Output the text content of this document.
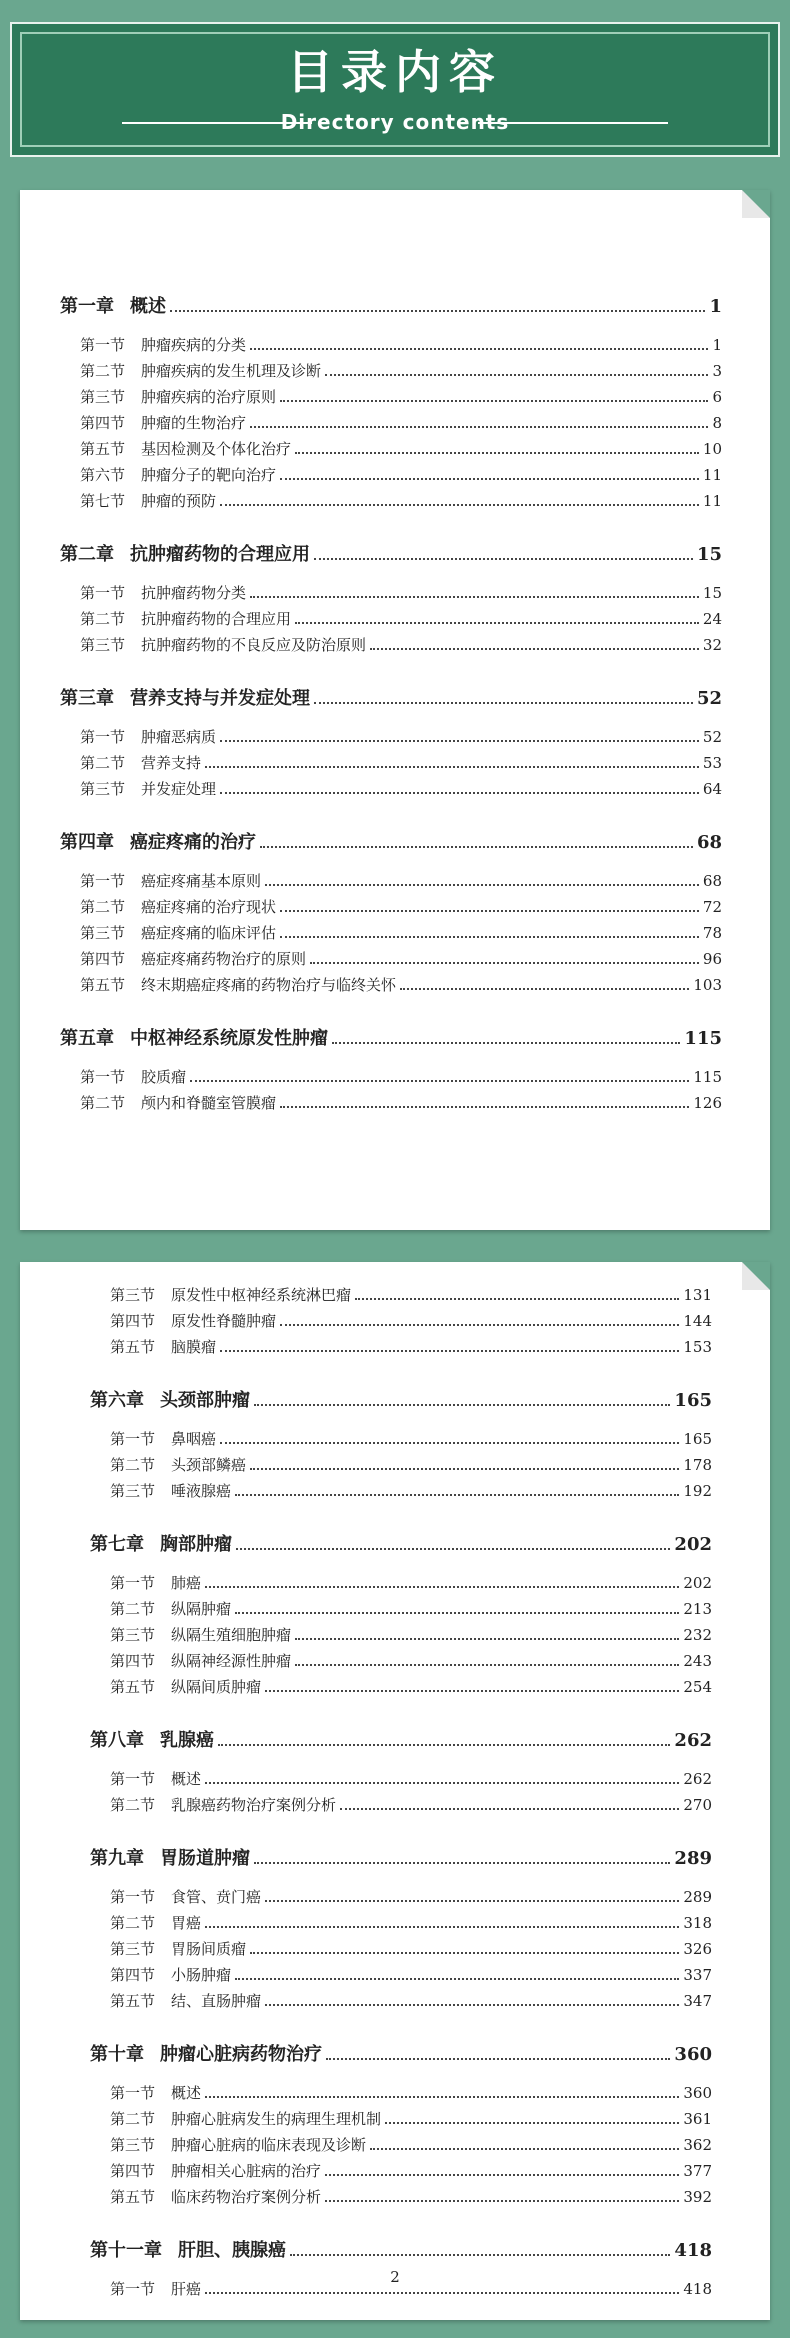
目录内容
Directory contents
第一章 概述	1
第一节 肿瘤疾病的分类	1
第二节 肿瘤疾病的发生机理及诊断	3
第三节 肿瘤疾病的治疗原则	6
第四节 肿瘤的生物治疗	8
第五节 基因检测及个体化治疗	10
第六节 肿瘤分子的靶向治疗	11
第七节 肿瘤的预防	11
第二章 抗肿瘤药物的合理应用	15
第一节 抗肿瘤药物分类	15
第二节 抗肿瘤药物的合理应用	24
第三节 抗肿瘤药物的不良反应及防治原则	32
第三章 营养支持与并发症处理	52
第一节 肿瘤恶病质	52
第二节 营养支持	53
第三节 并发症处理	64
第四章 癌症疼痛的治疗	68
第一节 癌症疼痛基本原则	68
第二节 癌症疼痛的治疗现状	72
第三节 癌症疼痛的临床评估	78
第四节 癌症疼痛药物治疗的原则	96
第五节 终末期癌症疼痛的药物治疗与临终关怀	103
第五章 中枢神经系统原发性肿瘤	115
第一节 胶质瘤	115
第二节 颅内和脊髓室管膜瘤	126
第三节 原发性中枢神经系统淋巴瘤	131
第四节 原发性脊髓肿瘤	144
第五节 脑膜瘤	153
第六章 头颈部肿瘤	165
第一节 鼻咽癌	165
第二节 头颈部鳞癌	178
第三节 唾液腺癌	192
第七章 胸部肿瘤	202
第一节 肺癌	202
第二节 纵隔肿瘤	213
第三节 纵隔生殖细胞肿瘤	232
第四节 纵隔神经源性肿瘤	243
第五节 纵隔间质肿瘤	254
第八章 乳腺癌	262
第一节 概述	262
第二节 乳腺癌药物治疗案例分析	270
第九章 胃肠道肿瘤	289
第一节 食管、贲门癌	289
第二节 胃癌	318
第三节 胃肠间质瘤	326
第四节 小肠肿瘤	337
第五节 结、直肠肿瘤	347
第十章 肿瘤心脏病药物治疗	360
第一节 概述	360
第二节 肿瘤心脏病发生的病理生理机制	361
第三节 肿瘤心脏病的临床表现及诊断	362
第四节 肿瘤相关心脏病的治疗	377
第五节 临床药物治疗案例分析	392
第十一章 肝胆、胰腺癌	418
第一节 肝癌	418
2
